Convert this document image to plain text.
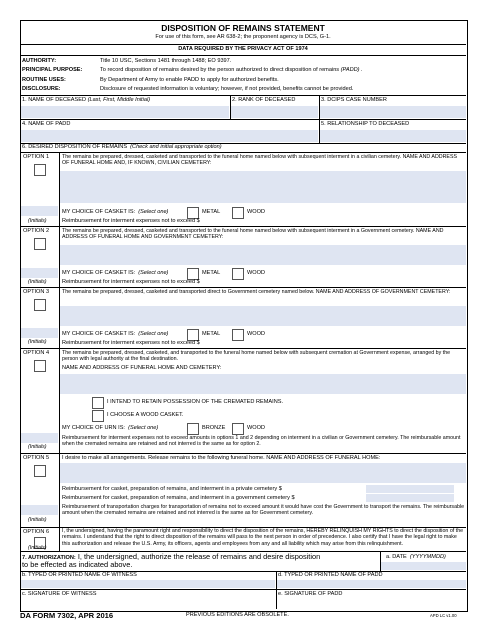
DISPOSITION OF REMAINS STATEMENT
For use of this form, see AR 638-2; the proponent agency is DCS, G-1.
DATA REQUIRED BY THE PRIVACY ACT OF 1974
AUTHORITY:	Title 10 USC, Sections 1481 through 1488; EO 9397.
PRINCIPAL PURPOSE:	To record disposition of remains desired by the person authorized to direct disposition of remains (PADD) .
ROUTINE USES:	By Department of Army to enable PADD to apply for authorized benefits.
DISCLOSURE:	Disclosure of requested information is voluntary; however, if not provided, benefits cannot be provided.
1. NAME OF DECEASED (Last, First, Middle Initial)	2. RANK OF DECEASED	3. DCIPS CASE NUMBER
4. NAME OF PADD	5. RELATIONSHIP TO DECEASED
6. DESIRED DISPOSITION OF REMAINS (Check and initial appropriate option)
OPTION 1
(Initials)
The remains be prepared, dressed, casketed and transported to the funeral home named below with subsequent interment in a civilian cemetery. NAME AND ADDRESS OF FUNERAL HOME AND, IF KNOWN, CIVILIAN CEMETERY:
MY CHOICE OF CASKET IS: (Select one)	METAL	WOOD
Reimbursement for interment expenses not to exceed $
OPTION 2
(Initials)
The remains be prepared, dressed, casketed and transported to the funeral home named below with subsequent interment in a Government cemetery. NAME AND ADDRESS OF FUNERAL HOME AND GOVERNMENT CEMETERY:
MY CHOICE OF CASKET IS: (Select one)	METAL	WOOD
Reimbursement for interment expenses not to exceed $
OPTION 3
(Initials)
The remains be prepared, dressed, casketed and transported direct to Government cemetery named below. NAME AND ADDRESS OF GOVERNMENT CEMETERY:
MY CHOICE OF CASKET IS: (Select one)	METAL	WOOD
Reimbursement for interment expenses not to exceed $
OPTION 4
(Initials)
The remains be prepared, dressed, casketed, and transported to the funeral home named below with subsequent cremation at Government expense, arranged by the person with legal authority at the final destination.
NAME AND ADDRESS OF FUNERAL HOME AND CEMETERY:
I INTEND TO RETAIN POSSESSION OF THE CREMATED REMAINS.
I CHOOSE A WOOD CASKET.
MY CHOICE OF URN IS: (Select one)	BRONZE	WOOD
Reimbursement for interment expenses not to exceed amounts in options 1 and 2 depending on interment in a civilian or Government cemetery. The reimbursable amount when the cremated remains are retained and not interred is the same as for option 2.
OPTION 5
(Initials)
I desire to make all arrangements. Release remains to the following funeral home. NAME AND ADDRESS OF FUNERAL HOME:
Reimbursement for casket, preparation of remains, and interment in a private cemetery $
Reimbursement for casket, preparation of remains, and interment in a government cemetery $
Reimbursement of transportation charges for transportation of remains not to exceed amount it would have cost the Government to transport the remains. The reimbursable amount when the cremated remains are retained and not interred is the same as for Government cemetery.
OPTION 6
(Initials)
I, the undersigned, having the paramount right and responsibility to direct the disposition of the remains, HEREBY RELINQUISH MY RIGHTS to direct the disposition of the remains. I understand that the right to direct disposition of the remains will pass to the next person in order of precedence. I also certify that I have the legal right to make this authorization and release the U.S. Army, its officers, agents and employees from any and all liability which may arise from this relinquishment.
7. AUTHORIZATION: I, the undersigned, authorize the release of remains and desire disposition to be effected as indicated above.
a. DATE (YYYYMMDD)
b. TYPED OR PRINTED NAME OF WITNESS	d. TYPED OR PRINTED NAME OF PADD
c. SIGNATURE OF WITNESS	e. SIGNATURE OF PADD
DA FORM 7302, APR 2016	PREVIOUS EDITIONS ARE OBSOLETE.	APD LC v1.00
